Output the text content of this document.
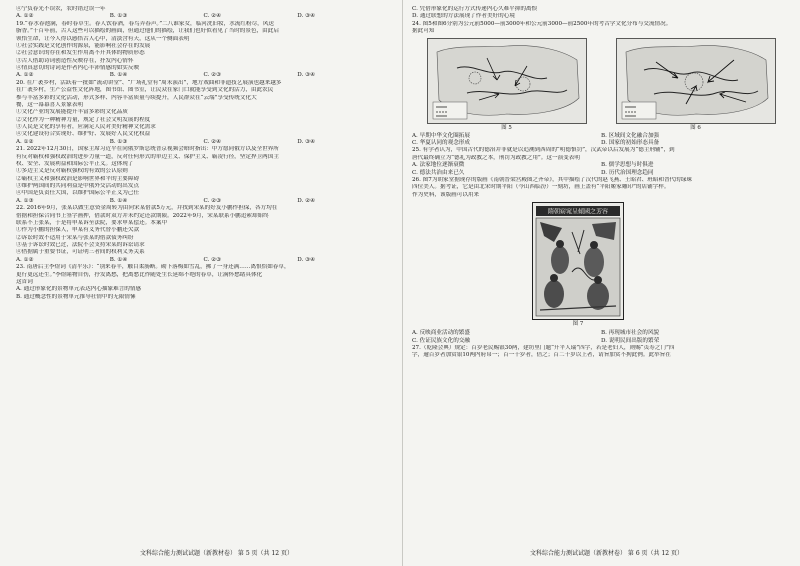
④宁负春光不误农，农时错过误一年

A. ①②	B. ①③	C. ②④	D. ③④

19.“春水春池满，春时春草生。春人饮春酒，春鸟弄春声。”二八谁家女，临河洗旧妆，水流红粉尽，风送

脂香。”千百年前，古人这些可以描绘的画面，但通过他们的描绘，让我们也好似看见了当时的景色，由此启

领悟生命，让今人得以感悟古人心中，清淡含有天，这从一个侧面表明

①社会实践是文化创作的源泉，能影响社会存在的发展

②社会意识的存在和发生作用离不开其体的物质形态

③古人借助诗词创造性反映存在，抒发内心情怀

④情真意切的诗词是作者内心丰沛情感的如实反映

A. ①②	B. ①④	C. ②③	D. ③④

20. 在广袤乡村，活跃着一批如“流动讲堂”、“广场礼堂有“周末演出”，地方戏曲和非遗技艺展演也越来越多

在广袤乡村，生产公益性文化阵地，图书馆、图书室，让民众在家门口就能享受到文化的活力，由此农民

参与丰富多彩的文化活动，形式多样、内容丰富质量与续提升，人民群众在“云端”享受传统文化大

餐，这一幕幕喜人景象表明

①文化产业的发展能提升丰富多彩的文化品质

②文化作为一种精神力量，规定了社会文明发展的程度

③人民是文化的享有者，应满足人民对美好精神文化需求

④文化建设符合实现好、维护好、发展好人民文化权益

A. ①②	B. ①③	C. ②④	D. ③④

21. 2022年12月30日，国家主席习近平在同俄罗斯总统普京视频会晤时指出：中方愿同俄方以及全世界所

有反对霸权和强权政治的进步力量一道，反对任何形式的单边主义、保护主义、霸凌行径，坚定捍卫两国主

权、安全、发展利益和国际公平正义。这体现了

①多边主义是反对霸权强权的有效的公认原则

②霸权主义和强权政治是影响世界和平的主要障碍

③维护两国间的共同利益是中俄外交活动的出发点

④中国是负责任大国，以维护国际公平正义为己任

A. ①③	B. ①④	C. ②③	D. ②④

22. 2016年9月，张某以做生意资金周转为由向宋某借款5万元，并找到宋某的好友小鹏作担保，各方均在

借据和担保合同书上签字画押，借款时双方并未约定还款期限。2022年9月，宋某联系小鹏追索却始终

联系不上张某，于是将申某诉至法院，要求申某偿还。本案中

①作为小鹏的担保人，申某有义务代替小鹏还欠款

②诉讼时效不适用于宋某与张某的借款债务纠纷

③基于诉讼时效已过，法院不会支持宋某的诉讼请求

④借据属于重要书证，可证明三者间的权利义务关系

A. ①②	B. ①④	C. ②③	D. ③④

23. 南唐后主李煜词《清平乐》：“别来春半，触目柔肠断。砌下落梅如雪乱，拂了一身还满……离恨恰如春草，

更行更远还生。”李煜睹物自伤，抒发离愁，把离愁比作随处生长延绵不绝的春草，让满怀愁绪具体化

这首词

A. 通过形象化的景物单元表达内心抽象难言的情感

B. 通过概念性的景物单元推导社情中的无限情愫

文科综合能力测试试题（新教材卷） 第 5 页（共 12 页）

C. 凭借形象化的运行方式传递内心久难平抑的离恨

D. 通过联想的方法展现了作者美好的心境

24. 图5和图6分别为公元前5000—前3000年和公元前3000—前2500年的考古学文化分布与交流情况。

据此可知

图 5	图 6
A. 早期中华文化圈拓展	B. 区域间文化融合加强
C. 华夏认同的观念形成	D. 国家的初始形态具备

25. 有学者认为，中国古代的德治并非就是以追溯到西周的“明德慎罚”，汉武帝以后发展为“德主刑辅”，到

唐代最终确立为“德礼为政教之本，刑罚为政教之用”。这一演变表明

A. 法家地位逐渐衰微	B. 儒学思想与时俱进
C. 德法共治由来已久	D. 历代治国理念趋同

26. 图7为胡家堂据现存的版画《南朝晋梁宫殿图之齐帝》，其中描绘了汉代的赵飞燕、王昭君、班昭和晋代的绿珠

四位美人。据考证，它是由北宋时期平阳（今山西临汾）一刻坊，画上盖有“平阳姬家雕印”的店铺字样。

作为史料，该版画可以用来

隋朝窈窕呈傾國之芳容
图 7
A. 反映商业活动的繁盛	B. 再现城市社会的风貌
C. 佐证民族文化的交融	D. 说明民间出版的繁荣

27.（乾隆会典）规定：百岁老民赐银30两，建坊里门题“升平人瑞”四字，若是老妇人，则赐“贞寿之门”四

字，逾百岁者加赏银10两内府帛一；百一十岁者，倍之；百二十岁以上者，请旨加赏不拘此例。此举旨在

文科综合能力测试试题（新教材卷） 第 6 页（共 12 页）
